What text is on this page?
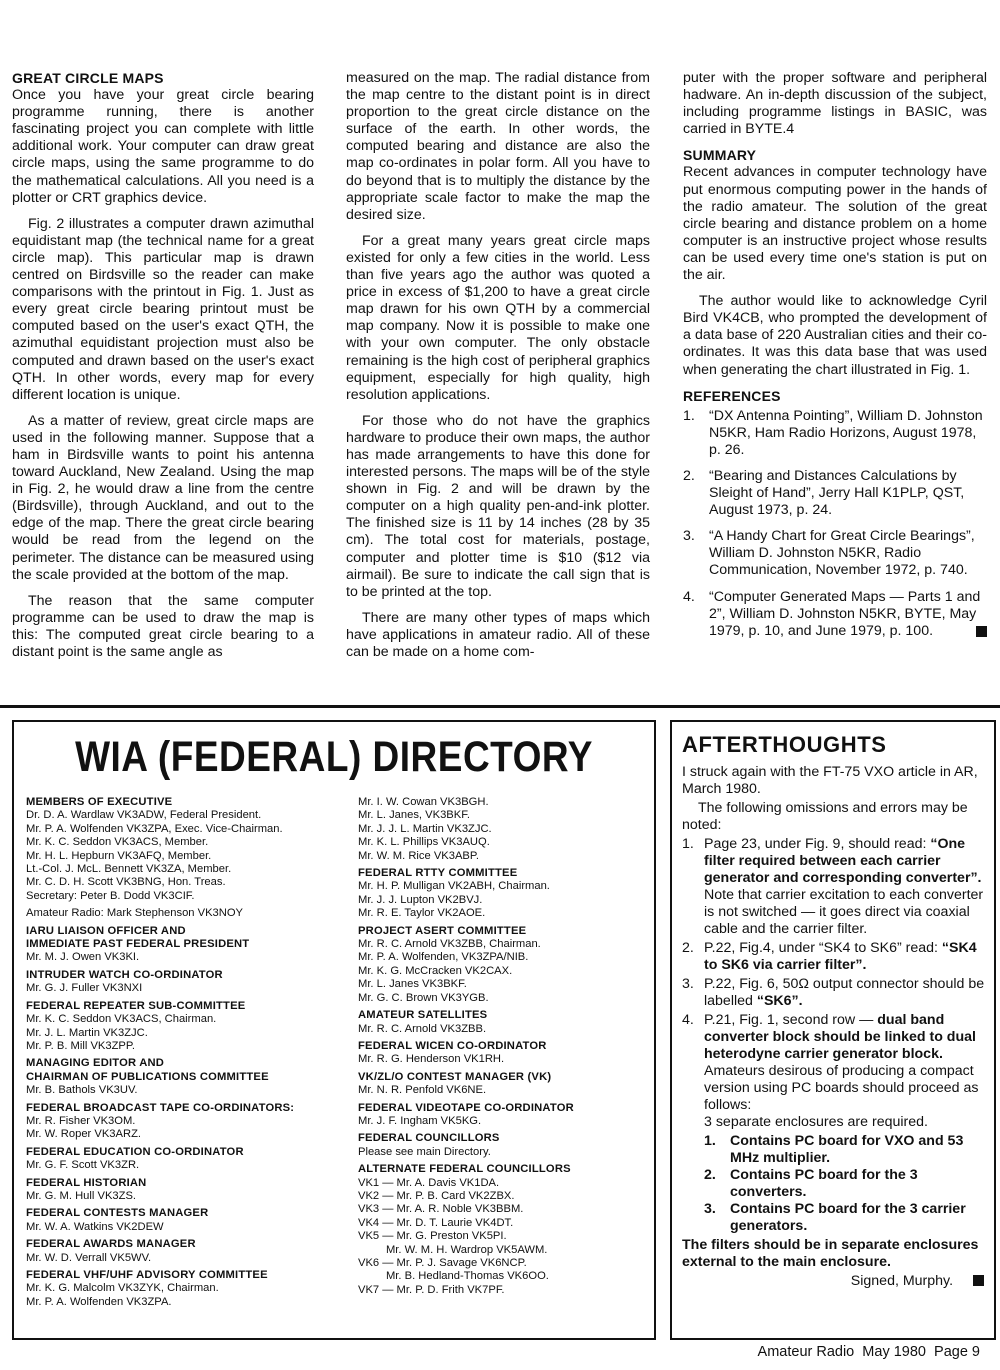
GREAT CIRCLE MAPS

Once you have your great circle bearing programme running, there is another fascinating project you can complete with little additional work. Your computer can draw great circle maps, using the same programme to do the mathematical calculations. All you need is a plotter or CRT graphics device.

Fig. 2 illustrates a computer drawn azimuthal equidistant map (the technical name for a great circle map). This particular map is drawn centred on Birdsville so the reader can make comparisons with the printout in Fig. 1. Just as every great circle bearing printout must be computed based on the user's exact QTH, the azimuthal equidistant projection must also be computed and drawn based on the user's exact QTH. In other words, every map for every different location is unique.

As a matter of review, great circle maps are used in the following manner. Suppose that a ham in Birdsville wants to point his antenna toward Auckland, New Zealand. Using the map in Fig. 2, he would draw a line from the centre (Birdsville), through Auckland, and out to the edge of the map. There the great circle bearing would be read from the legend on the perimeter. The distance can be measured using the scale provided at the bottom of the map.

The reason that the same computer programme can be used to draw the map is this: The computed great circle bearing to a distant point is the same angle as

measured on the map. The radial distance from the map centre to the distant point is in direct proportion to the great circle distance on the surface of the earth. In other words, the computed bearing and distance are also the map co-ordinates in polar form. All you have to do beyond that is to multiply the distance by the appropriate scale factor to make the map the desired size.

For a great many years great circle maps existed for only a few cities in the world. Less than five years ago the author was quoted a price in excess of $1,200 to have a great circle map drawn for his own QTH by a commercial map company. Now it is possible to make one with your own computer. The only obstacle remaining is the high cost of peripheral graphics equipment, especially for high quality, high resolution applications.

For those who do not have the graphics hardware to produce their own maps, the author has made arrangements to have this done for interested persons. The maps will be of the style shown in Fig. 2 and will be drawn by the computer on a high quality pen-and-ink plotter. The finished size is 11 by 14 inches (28 by 35 cm). The total cost for materials, postage, computer and plotter time is $10 ($12 via airmail). Be sure to indicate the call sign that is to be printed at the top.

There are many other types of maps which have applications in amateur radio. All of these can be made on a home com-

puter with the proper software and peripheral hadware. An in-depth discussion of the subject, including programme listings in BASIC, was carried in BYTE.4

SUMMARY

Recent advances in computer technology have put enormous computing power in the hands of the radio amateur. The solution of the great circle bearing and distance problem on a home computer is an instructive project whose results can be used every time one's station is put on the air.

The author would like to acknowledge Cyril Bird VK4CB, who prompted the development of a data base of 220 Australian cities and their co-ordinates. It was this data base that was used when generating the chart illustrated in Fig. 1.

REFERENCES
1. “DX Antenna Pointing”, William D. Johnston N5KR, Ham Radio Horizons, August 1978, p. 26.
2. “Bearing and Distances Calculations by Sleight of Hand”, Jerry Hall K1PLP, QST, August 1973, p. 24.
3. “A Handy Chart for Great Circle Bearings”, William D. Johnston N5KR, Radio Communication, November 1972, p. 740.
4. “Computer Generated Maps — Parts 1 and 2”, William D. Johnston N5KR, BYTE, May 1979, p. 10, and June 1979, p. 100.
WIA (FEDERAL) DIRECTORY
MEMBERS OF EXECUTIVE
Dr. D. A. Wardlaw VK3ADW, Federal President.
Mr. P. A. Wolfenden VK3ZPA, Exec. Vice-Chairman.
Mr. K. C. Seddon VK3ACS, Member.
Mr. H. L. Hepburn VK3AFQ, Member.
Lt.-Col. J. McL. Bennett VK3ZA, Member.
Mr. C. D. H. Scott VK3BNG, Hon. Treas.
Secretary: Peter B. Dodd VK3CIF.
Amateur Radio: Mark Stephenson VK3NOY
IARU LIAISON OFFICER AND
IMMEDIATE PAST FEDERAL PRESIDENT
Mr. M. J. Owen VK3KI.
INTRUDER WATCH CO-ORDINATOR
Mr. G. J. Fuller VK3NXI
FEDERAL REPEATER SUB-COMMITTEE
Mr. K. C. Seddon VK3ACS, Chairman.
Mr. J. L. Martin VK3ZJC.
Mr. P. B. Mill VK3ZPP.
MANAGING EDITOR AND
CHAIRMAN OF PUBLICATIONS COMMITTEE
Mr. B. Bathols VK3UV.
FEDERAL BROADCAST TAPE CO-ORDINATORS:
Mr. R. Fisher VK3OM.
Mr. W. Roper VK3ARZ.
FEDERAL EDUCATION CO-ORDINATOR
Mr. G. F. Scott VK3ZR.
FEDERAL HISTORIAN
Mr. G. M. Hull VK3ZS.
FEDERAL CONTESTS MANAGER
Mr. W. A. Watkins VK2DEW
FEDERAL AWARDS MANAGER
Mr. W. D. Verrall VK5WV.
FEDERAL VHF/UHF ADVISORY COMMITTEE
Mr. K. G. Malcolm VK3ZYK, Chairman.
Mr. P. A. Wolfenden VK3ZPA.
Mr. I. W. Cowan VK3BGH.
Mr. L. Janes, VK3BKF.
Mr. J. J. L. Martin VK3ZJC.
Mr. K. L. Phillips VK3AUQ.
Mr. W. M. Rice VK3ABP.
FEDERAL RTTY COMMITTEE
Mr. H. P. Mulligan VK2ABH, Chairman.
Mr. J. J. Lupton VK2BVJ.
Mr. R. E. Taylor VK2AOE.
PROJECT ASERT COMMITTEE
Mr. R. C. Arnold VK3ZBB, Chairman.
Mr. P. A. Wolfenden, VK3ZPA/NIB.
Mr. K. G. McCracken VK2CAX.
Mr. L. Janes VK3BKF.
Mr. G. C. Brown VK3YGB.
AMATEUR SATELLITES
Mr. R. C. Arnold VK3ZBB.
FEDERAL WICEN CO-ORDINATOR
Mr. R. G. Henderson VK1RH.
VK/ZL/O CONTEST MANAGER (VK)
Mr. N. R. Penfold VK6NE.
FEDERAL VIDEOTAPE CO-ORDINATOR
Mr. J. F. Ingham VK5KG.
FEDERAL COUNCILLORS
Please see main Directory.
ALTERNATE FEDERAL COUNCILLORS
VK1 — Mr. A. Davis VK1DA.
VK2 — Mr. P. B. Card VK2ZBX.
VK3 — Mr. A. R. Noble VK3BBM.
VK4 — Mr. D. T. Laurie VK4DT.
VK5 — Mr. G. Preston VK5PI.
Mr. W. M. H. Wardrop VK5AWM.
VK6 — Mr. P. J. Savage VK6NCP.
Mr. B. Hedland-Thomas VK6OO.
VK7 — Mr. P. D. Frith VK7PF.
AFTERTHOUGHTS

I struck again with the FT-75 VXO article in AR, March 1980.

The following omissions and errors may be noted:

1. Page 23, under Fig. 9, should read: “One filter required between each carrier generator and corresponding converter”.
Note that carrier excitation to each converter is not switched — it goes direct via coaxial cable and the carrier filter.
2. P.22, Fig.4, under “SK4 to SK6” read: “SK4 to SK6 via carrier filter”.
3. P.22, Fig. 6, 50Ω output connector should be labelled “SK6”.
4. P.21, Fig. 1, second row — dual band converter block should be linked to dual heterodyne carrier generator block.
Amateurs desirous of producing a compact version using PC boards should proceed as follows:
3 separate enclosures are required.
1. Contains PC board for VXO and 53 MHz multiplier.
2. Contains PC board for the 3 converters.
3. Contains PC board for the 3 carrier generators.

The filters should be in separate enclosures external to the main enclosure.

Signed, Murphy.
Amateur Radio  May 1980  Page 9
